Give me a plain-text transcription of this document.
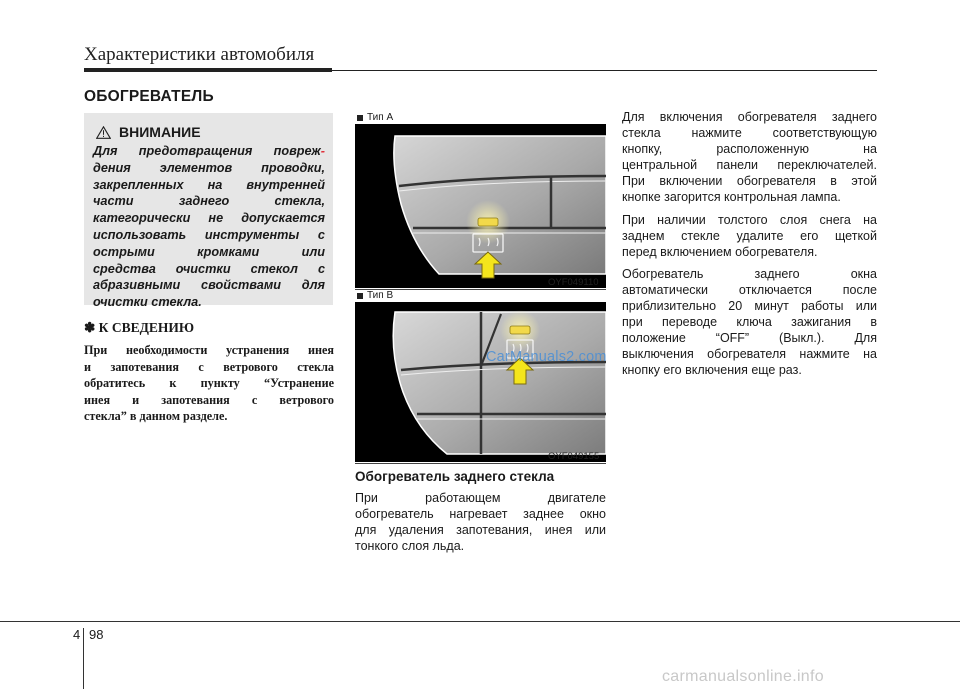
Характеристики автомобиля
ОБОГРЕВАТЕЛЬ
ВНИМАНИЕ
Для предотвращения повреж-
дения элементов проводки,
закрепленных на внутренней
части заднего стекла,
категорически не допускается
использовать инструменты с
острыми кромками или
средства очистки стекол с
абразивными свойствами для
очистки стекла.
✽ К СВЕДЕНИЮ
При необходимости устранения инея
и запотевания с ветрового стекла
обратитесь к пункту “Устранение
инея и запотевания с ветрового
стекла” в данном разделе.
Тип A
OYF049110
Тип B
OYF049155
CarManuals2.com
Обогреватель заднего стекла
При работающем двигателе
обогреватель нагревает заднее окно
для удаления запотевания, инея или
тонкого слоя льда.

Для включения обогревателя заднего
стекла нажмите соответствующую
кнопку, расположенную на
центральной панели переключателей.
При включении обогревателя в этой
кнопке загорится контрольная лампа.

При наличии толстого слоя снега на
заднем стекле удалите его щеткой
перед включением обогревателя.

Обогреватель заднего окна
автоматически отключается после
приблизительно 20 минут работы или
при переводе ключа зажигания в
положение “OFF” (Выкл.). Для
выключения обогревателя нажмите на
кнопку его включения еще раз.

4 98
carmanualsonline.info
